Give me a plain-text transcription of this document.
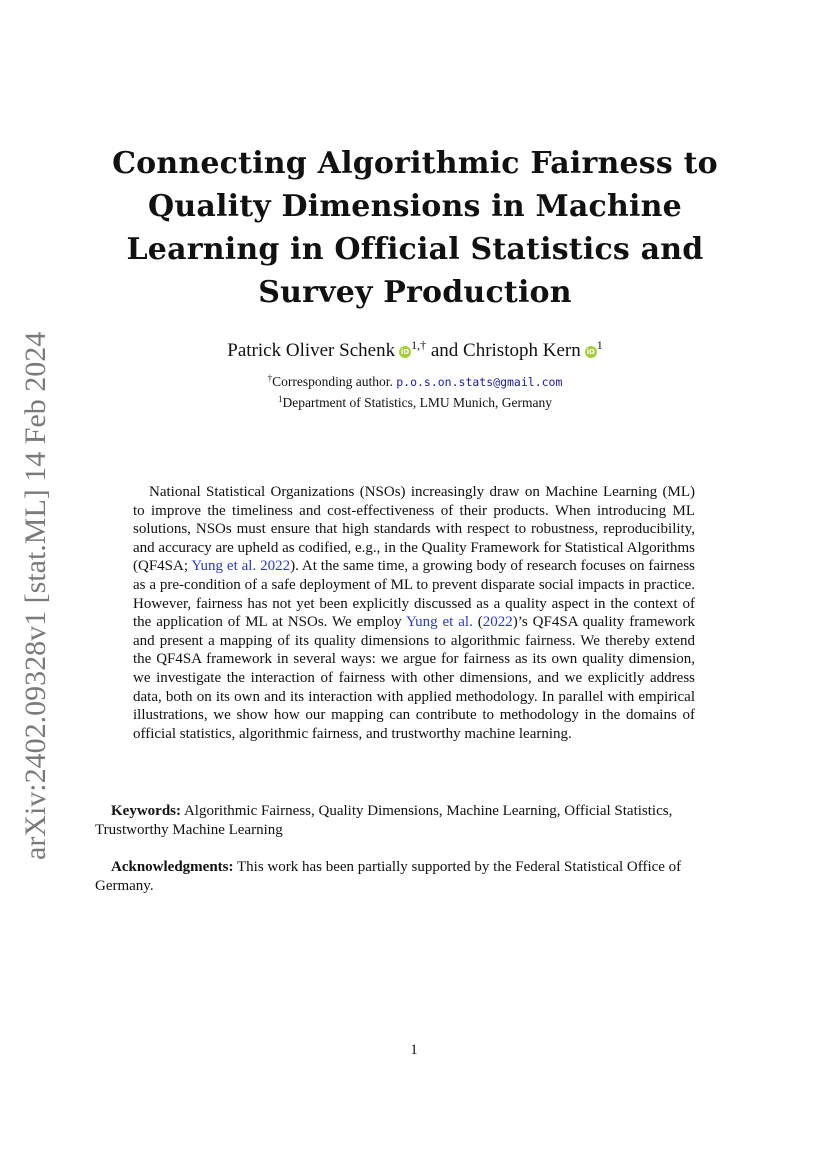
arXiv:2402.09328v1 [stat.ML] 14 Feb 2024
Connecting Algorithmic Fairness to Quality Dimensions in Machine Learning in Official Statistics and Survey Production
Patrick Oliver Schenk iD $^{1,\dagger}$ and Christoph Kern iD $^1$
†Corresponding author. p.o.s.on.stats@gmail.com
$^1$Department of Statistics, LMU Munich, Germany

National Statistical Organizations (NSOs) increasingly draw on Machine Learning (ML) to improve the timeliness and cost-effectiveness of their products. When introducing ML solutions, NSOs must ensure that high standards with respect to robustness, reproducibility, and accuracy are upheld as codified, e.g., in the Quality Framework for Statistical Algorithms (QF4SA; Yung et al. 2022). At the same time, a growing body of research focuses on fairness as a pre-condition of a safe deployment of ML to prevent disparate social impacts in practice. However, fairness has not yet been explicitly discussed as a quality aspect in the context of the application of ML at NSOs. We employ Yung et al. (2022)’s QF4SA quality framework and present a mapping of its quality dimensions to algorithmic fairness. We thereby extend the QF4SA framework in several ways: we argue for fairness as its own quality dimension, we investigate the interaction of fairness with other dimensions, and we explicitly address data, both on its own and its interaction with applied methodology. In parallel with empirical illustrations, we show how our mapping can contribute to methodology in the domains of official statistics, algorithmic fairness, and trustworthy machine learning.

Keywords: Algorithmic Fairness, Quality Dimensions, Machine Learning, Official Statistics, Trustworthy Machine Learning

Acknowledgments: This work has been partially supported by the Federal Statistical Office of Germany.

1
